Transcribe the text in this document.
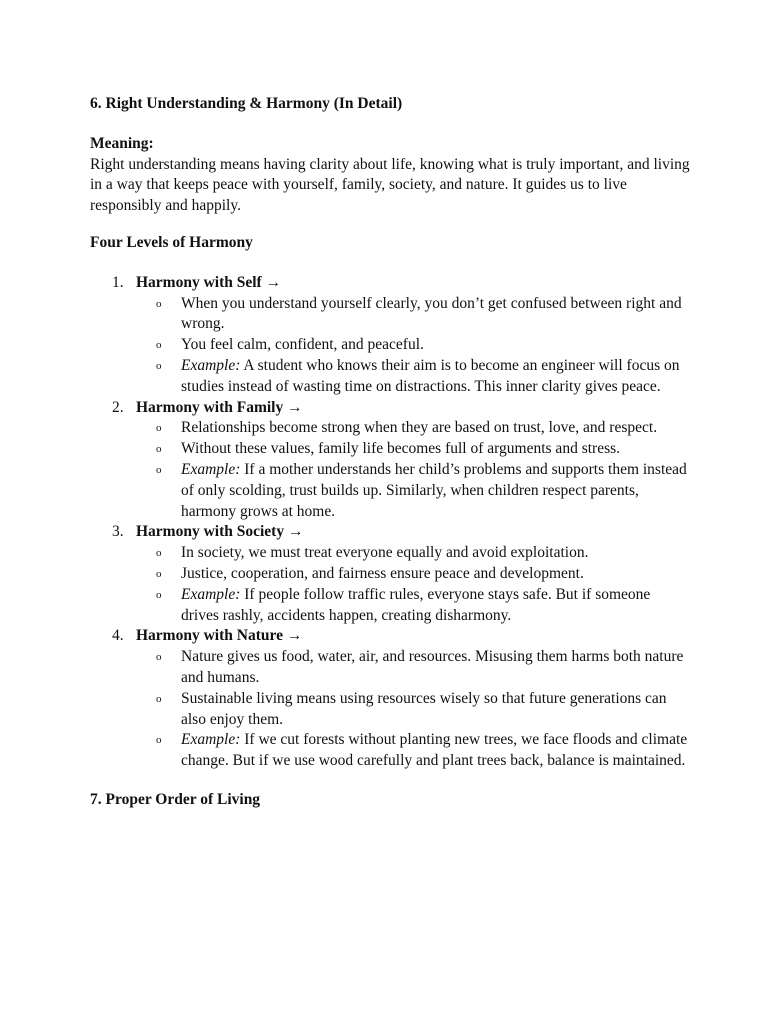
6. Right Understanding & Harmony (In Detail)

Meaning:

Right understanding means having clarity about life, knowing what is truly important, and living in a way that keeps peace with yourself, family, society, and nature. It guides us to live responsibly and happily.

Four Levels of Harmony

1. Harmony with Self →
o When you understand yourself clearly, you don’t get confused between right and wrong.
o You feel calm, confident, and peaceful.
o Example: A student who knows their aim is to become an engineer will focus on studies instead of wasting time on distractions. This inner clarity gives peace.
2. Harmony with Family →
o Relationships become strong when they are based on trust, love, and respect.
o Without these values, family life becomes full of arguments and stress.
o Example: If a mother understands her child’s problems and supports them instead of only scolding, trust builds up. Similarly, when children respect parents, harmony grows at home.
3. Harmony with Society →
o In society, we must treat everyone equally and avoid exploitation.
o Justice, cooperation, and fairness ensure peace and development.
o Example: If people follow traffic rules, everyone stays safe. But if someone drives rashly, accidents happen, creating disharmony.
4. Harmony with Nature →
o Nature gives us food, water, air, and resources. Misusing them harms both nature and humans.
o Sustainable living means using resources wisely so that future generations can also enjoy them.
o Example: If we cut forests without planting new trees, we face floods and climate change. But if we use wood carefully and plant trees back, balance is maintained.

7. Proper Order of Living
